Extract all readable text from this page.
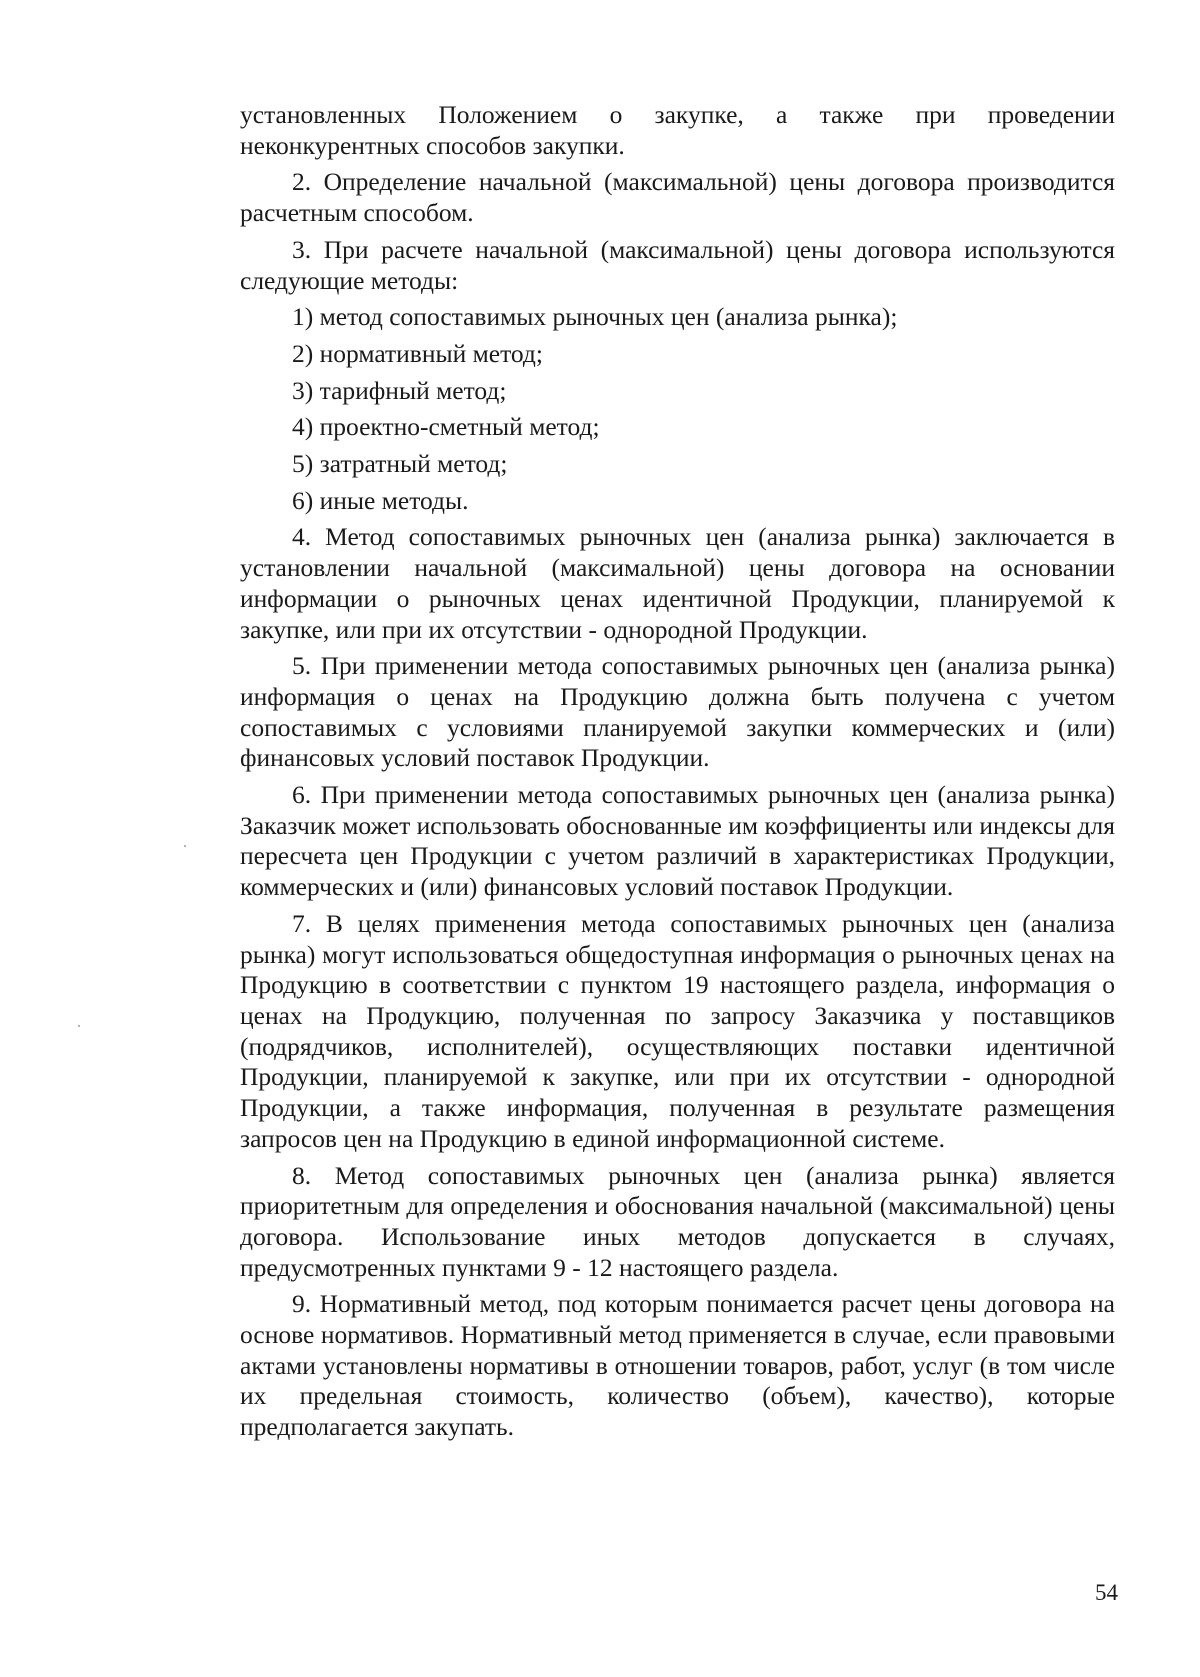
установленных Положением о закупке, а также при проведении неконкурентных способов закупки.

2. Определение начальной (максимальной) цены договора производится расчетным способом.

3. При расчете начальной (максимальной) цены договора используются следующие методы:

1) метод сопоставимых рыночных цен (анализа рынка);

2) нормативный метод;

3) тарифный метод;

4) проектно-сметный метод;

5) затратный метод;

6) иные методы.

4. Метод сопоставимых рыночных цен (анализа рынка) заключается в установлении начальной (максимальной) цены договора на основании информации о рыночных ценах идентичной Продукции, планируемой к закупке, или при их отсутствии - однородной Продукции.

5. При применении метода сопоставимых рыночных цен (анализа рынка) информация о ценах на Продукцию должна быть получена с учетом сопоставимых с условиями планируемой закупки коммерческих и (или) финансовых условий поставок Продукции.

6. При применении метода сопоставимых рыночных цен (анализа рынка) Заказчик может использовать обоснованные им коэффициенты или индексы для пересчета цен Продукции с учетом различий в характеристиках Продукции, коммерческих и (или) финансовых условий поставок Продукции.

7. В целях применения метода сопоставимых рыночных цен (анализа рынка) могут использоваться общедоступная информация о рыночных ценах на Продукцию в соответствии с пунктом 19 настоящего раздела, информация о ценах на Продукцию, полученная по запросу Заказчика у поставщиков (подрядчиков, исполнителей), осуществляющих поставки идентичной Продукции, планируемой к закупке, или при их отсутствии - однородной Продукции, а также информация, полученная в результате размещения запросов цен на Продукцию в единой информационной системе.

8. Метод сопоставимых рыночных цен (анализа рынка) является приоритетным для определения и обоснования начальной (максимальной) цены договора. Использование иных методов допускается в случаях, предусмотренных пунктами 9 - 12 настоящего раздела.

9. Нормативный метод, под которым понимается расчет цены договора на основе нормативов. Нормативный метод применяется в случае, если правовыми актами установлены нормативы в отношении товаров, работ, услуг (в том числе их предельная стоимость, количество (объем), качество), которые предполагается закупать.

54
